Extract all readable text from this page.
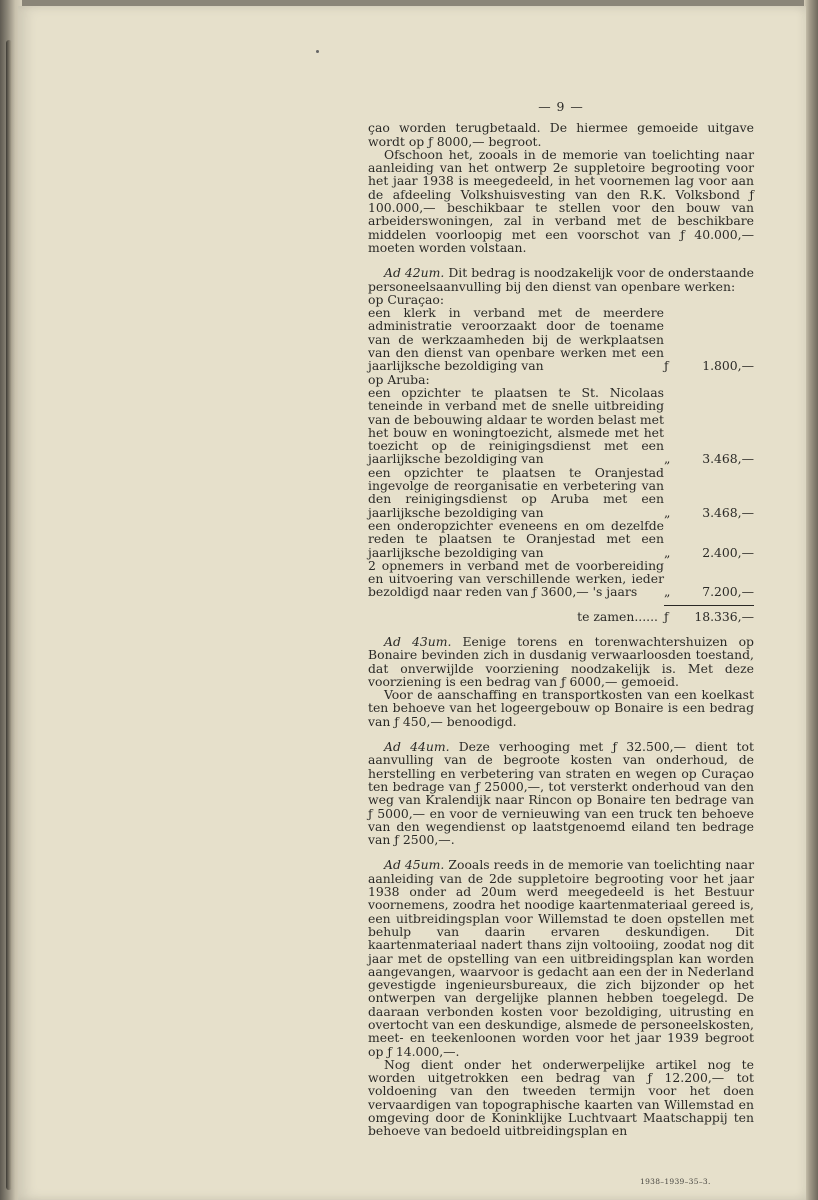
— 9 —

çao worden terugbetaald. De hiermee gemoeide uitgave wordt op ƒ 8000,— begroot.

Ofschoon het, zooals in de memorie van toelichting naar aanleiding van het ontwerp 2e suppletoire begrooting voor het jaar 1938 is meegedeeld, in het voornemen lag voor aan de afdeeling Volkshuisvesting van den R.K. Volksbond ƒ 100.000,— beschikbaar te stellen voor den bouw van arbeiderswoningen, zal in verband met de beschikbare middelen voorloopig met een voorschot van ƒ 40.000,— moeten worden volstaan.

Ad 42um. Dit bedrag is noodzakelijk voor de onderstaande personeelsaanvulling bij den dienst van openbare werken:

op Curaçao:

een klerk in verband met de meerdere administratie veroorzaakt door de toename van de werkzaamheden bij de werkplaatsen van den dienst van openbare werken met een jaarlijksche bezoldiging van	ƒ	1.800,—

op Aruba:

een opzichter te plaatsen te St. Nicolaas teneinde in verband met de snelle uitbreiding van de bebouwing aldaar te worden belast met het bouw en woningtoezicht, alsmede met het toezicht op de reinigingsdienst met een jaarlijksche bezoldiging van	„	3.468,—
een opzichter te plaatsen te Oranjestad ingevolge de reorganisatie en verbetering van den reinigingsdienst op Aruba met een jaarlijksche bezoldiging van	„	3.468,—
een onderopzichter eveneens en om dezelfde reden te plaatsen te Oranjestad met een jaarlijksche bezoldiging van	„	2.400,—
2 opnemers in verband met de voorbereiding en uitvoering van verschillende werken, ieder bezoldigd naar reden van ƒ 3600,— 's jaars	„	7.200,—
te zamen...... ƒ 18.336,—

Ad 43um. Eenige torens en torenwachtershuizen op Bonaire bevinden zich in dusdanig verwaarloosden toestand, dat onverwijlde voorziening noodzakelijk is. Met deze voorziening is een bedrag van ƒ 6000,— gemoeid.

Voor de aanschaffing en transportkosten van een koelkast ten behoeve van het logeergebouw op Bonaire is een bedrag van ƒ 450,— benoodigd.

Ad 44um. Deze verhooging met ƒ 32.500,— dient tot aanvulling van de begroote kosten van onderhoud, de herstelling en verbetering van straten en wegen op Curaçao ten bedrage van ƒ 25000,—, tot versterkt onderhoud van den weg van Kralendijk naar Rincon op Bonaire ten bedrage van ƒ 5000,— en voor de vernieuwing van een truck ten behoeve van den wegendienst op laatstgenoemd eiland ten bedrage van ƒ 2500,—.

Ad 45um. Zooals reeds in de memorie van toelichting naar aanleiding van de 2de suppletoire begrooting voor het jaar 1938 onder ad 20um werd meegedeeld is het Bestuur voornemens, zoodra het noodige kaartenmateriaal gereed is, een uitbreidingsplan voor Willemstad te doen opstellen met behulp van daarin ervaren deskundigen. Dit kaartenmateriaal nadert thans zijn voltooiing, zoodat nog dit jaar met de opstelling van een uitbreidingsplan kan worden aangevangen, waarvoor is gedacht aan een der in Nederland gevestigde ingenieursbureaux, die zich bijzonder op het ontwerpen van dergelijke plannen hebben toegelegd. De daaraan verbonden kosten voor bezoldiging, uitrusting en overtocht van een deskundige, alsmede de personeelskosten, meet- en teekenloonen worden voor het jaar 1939 begroot op ƒ 14.000,—.

Nog dient onder het onderwerpelijke artikel nog te worden uitgetrokken een bedrag van ƒ 12.200,— tot voldoening van den tweeden termijn voor het doen vervaardigen van topographische kaarten van Willemstad en omgeving door de Koninklijke Luchtvaart Maatschappij ten behoeve van bedoeld uitbreidingsplan en

1938–1939–35–3.
